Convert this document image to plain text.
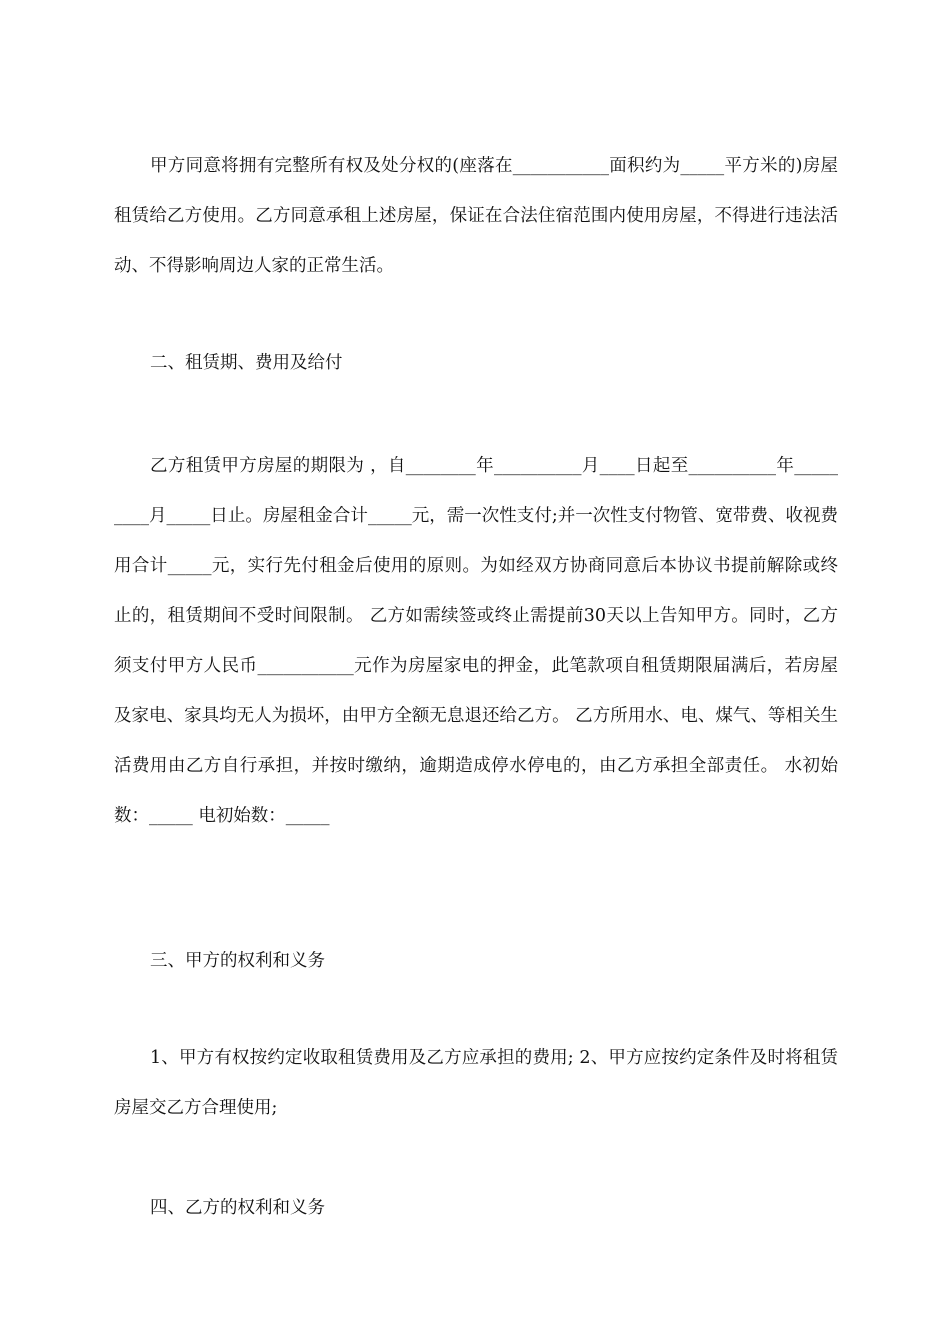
甲方同意将拥有完整所有权及处分权的(座落在___________面积约为_____平方米的)房屋租赁给乙方使用。乙方同意承租上述房屋，保证在合法住宿范围内使用房屋，不得进行违法活动、不得影响周边人家的正常生活。

二、租赁期、费用及给付

乙方租赁甲方房屋的期限为 ，自________年__________月____日起至__________年_________月_____日止。房屋租金合计_____元，需一次性支付;并一次性支付物管、宽带费、收视费用合计_____元，实行先付租金后使用的原则。为如经双方协商同意后本协议书提前解除或终止的，租赁期间不受时间限制。 乙方如需续签或终止需提前30天以上告知甲方。同时，乙方须支付甲方人民币___________元作为房屋家电的押金，此笔款项自租赁期限届满后，若房屋及家电、家具均无人为损坏，由甲方全额无息退还给乙方。 乙方所用水、电、煤气、等相关生活费用由乙方自行承担，并按时缴纳，逾期造成停水停电的，由乙方承担全部责任。 水初始数：_____ 电初始数：_____

三、甲方的权利和义务

1、甲方有权按约定收取租赁费用及乙方应承担的费用; 2、甲方应按约定条件及时将租赁房屋交乙方合理使用;

四、乙方的权利和义务
